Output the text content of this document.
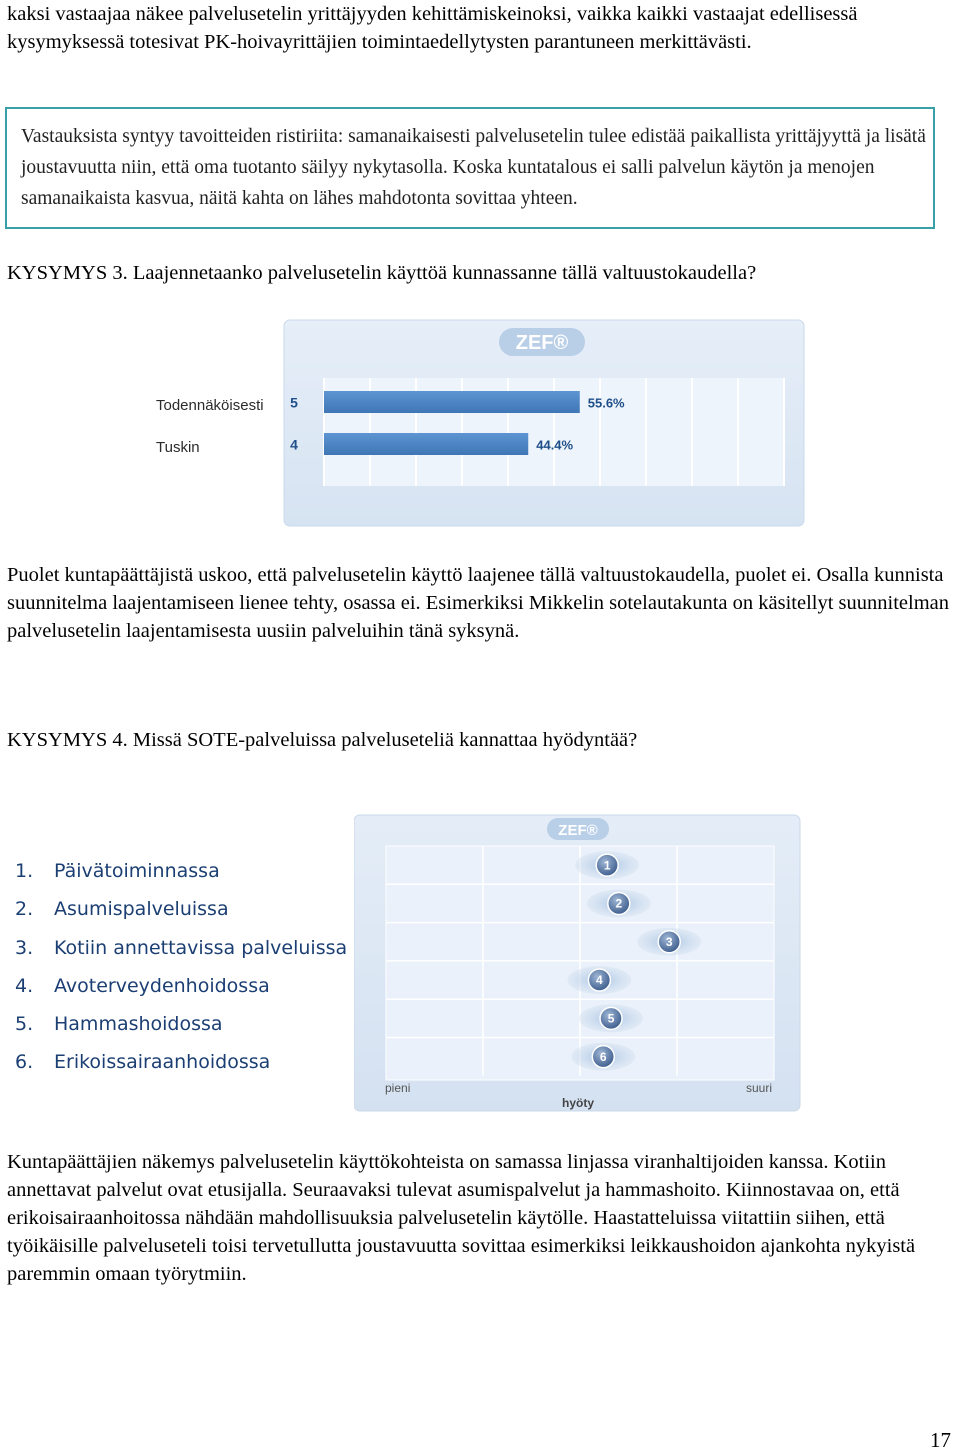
kaksi vastaajaa näkee palvelusetelin yrittäjyyden kehittämiskeinoksi, vaikka kaikki vastaajat edellisessä kysymyksessä totesivat PK-hoivayrittäjien toimintaedellytysten parantuneen merkittävästi.

Vastauksista syntyy tavoitteiden ristiriita: samanaikaisesti palvelusetelin tulee edistää paikallista yrittäjyyttä ja lisätä joustavuutta niin, että oma tuotanto säilyy nykytasolla. Koska kuntatalous ei salli palvelun käytön ja menojen samanaikaista kasvua, näitä kahta on lähes mahdotonta sovittaa yhteen.

KYSYMYS 3. Laajennetaanko palvelusetelin käyttöä kunnassanne tällä valtuustokaudella?

ZEF®
Todennäköisesti 5	55.6%
Tuskin	4	44.4%

Puolet kuntapäättäjistä uskoo, että palvelusetelin käyttö laajenee tällä valtuustokaudella, puolet ei. Osalla kunnista suunnitelma laajentamiseen lienee tehty, osassa ei. Esimerkiksi Mikkelin sotelautakunta on käsitellyt suunnitelman palvelusetelin laajentamisesta uusiin palveluihin tänä syksynä.

KYSYMYS 4. Missä SOTE-palveluissa palveluseteliä kannattaa hyödyntää?

1. Päivätoiminnassa
2. Asumispalveluissa
3. Kotiin annettavissa palveluissa
4. Avoterveydenhoidossa
5. Hammashoidossa
6. Erikoissairaanhoidossa
ZEF®
1
2
3
4
5
6
pieni	suuri
hyöty

Kuntapäättäjien näkemys palvelusetelin käyttökohteista on samassa linjassa viranhaltijoiden kanssa. Kotiin annettavat palvelut ovat etusijalla. Seuraavaksi tulevat asumispalvelut ja hammashoito. Kiinnostavaa on, että erikoisairaanhoitossa nähdään mahdollisuuksia palvelusetelin käytölle. Haastatteluissa viitattiin siihen, että työikäisille palveluseteli toisi tervetullutta joustavuutta sovittaa esimerkiksi leikkaushoidon ajankohta nykyistä paremmin omaan työrytmiin.

17
